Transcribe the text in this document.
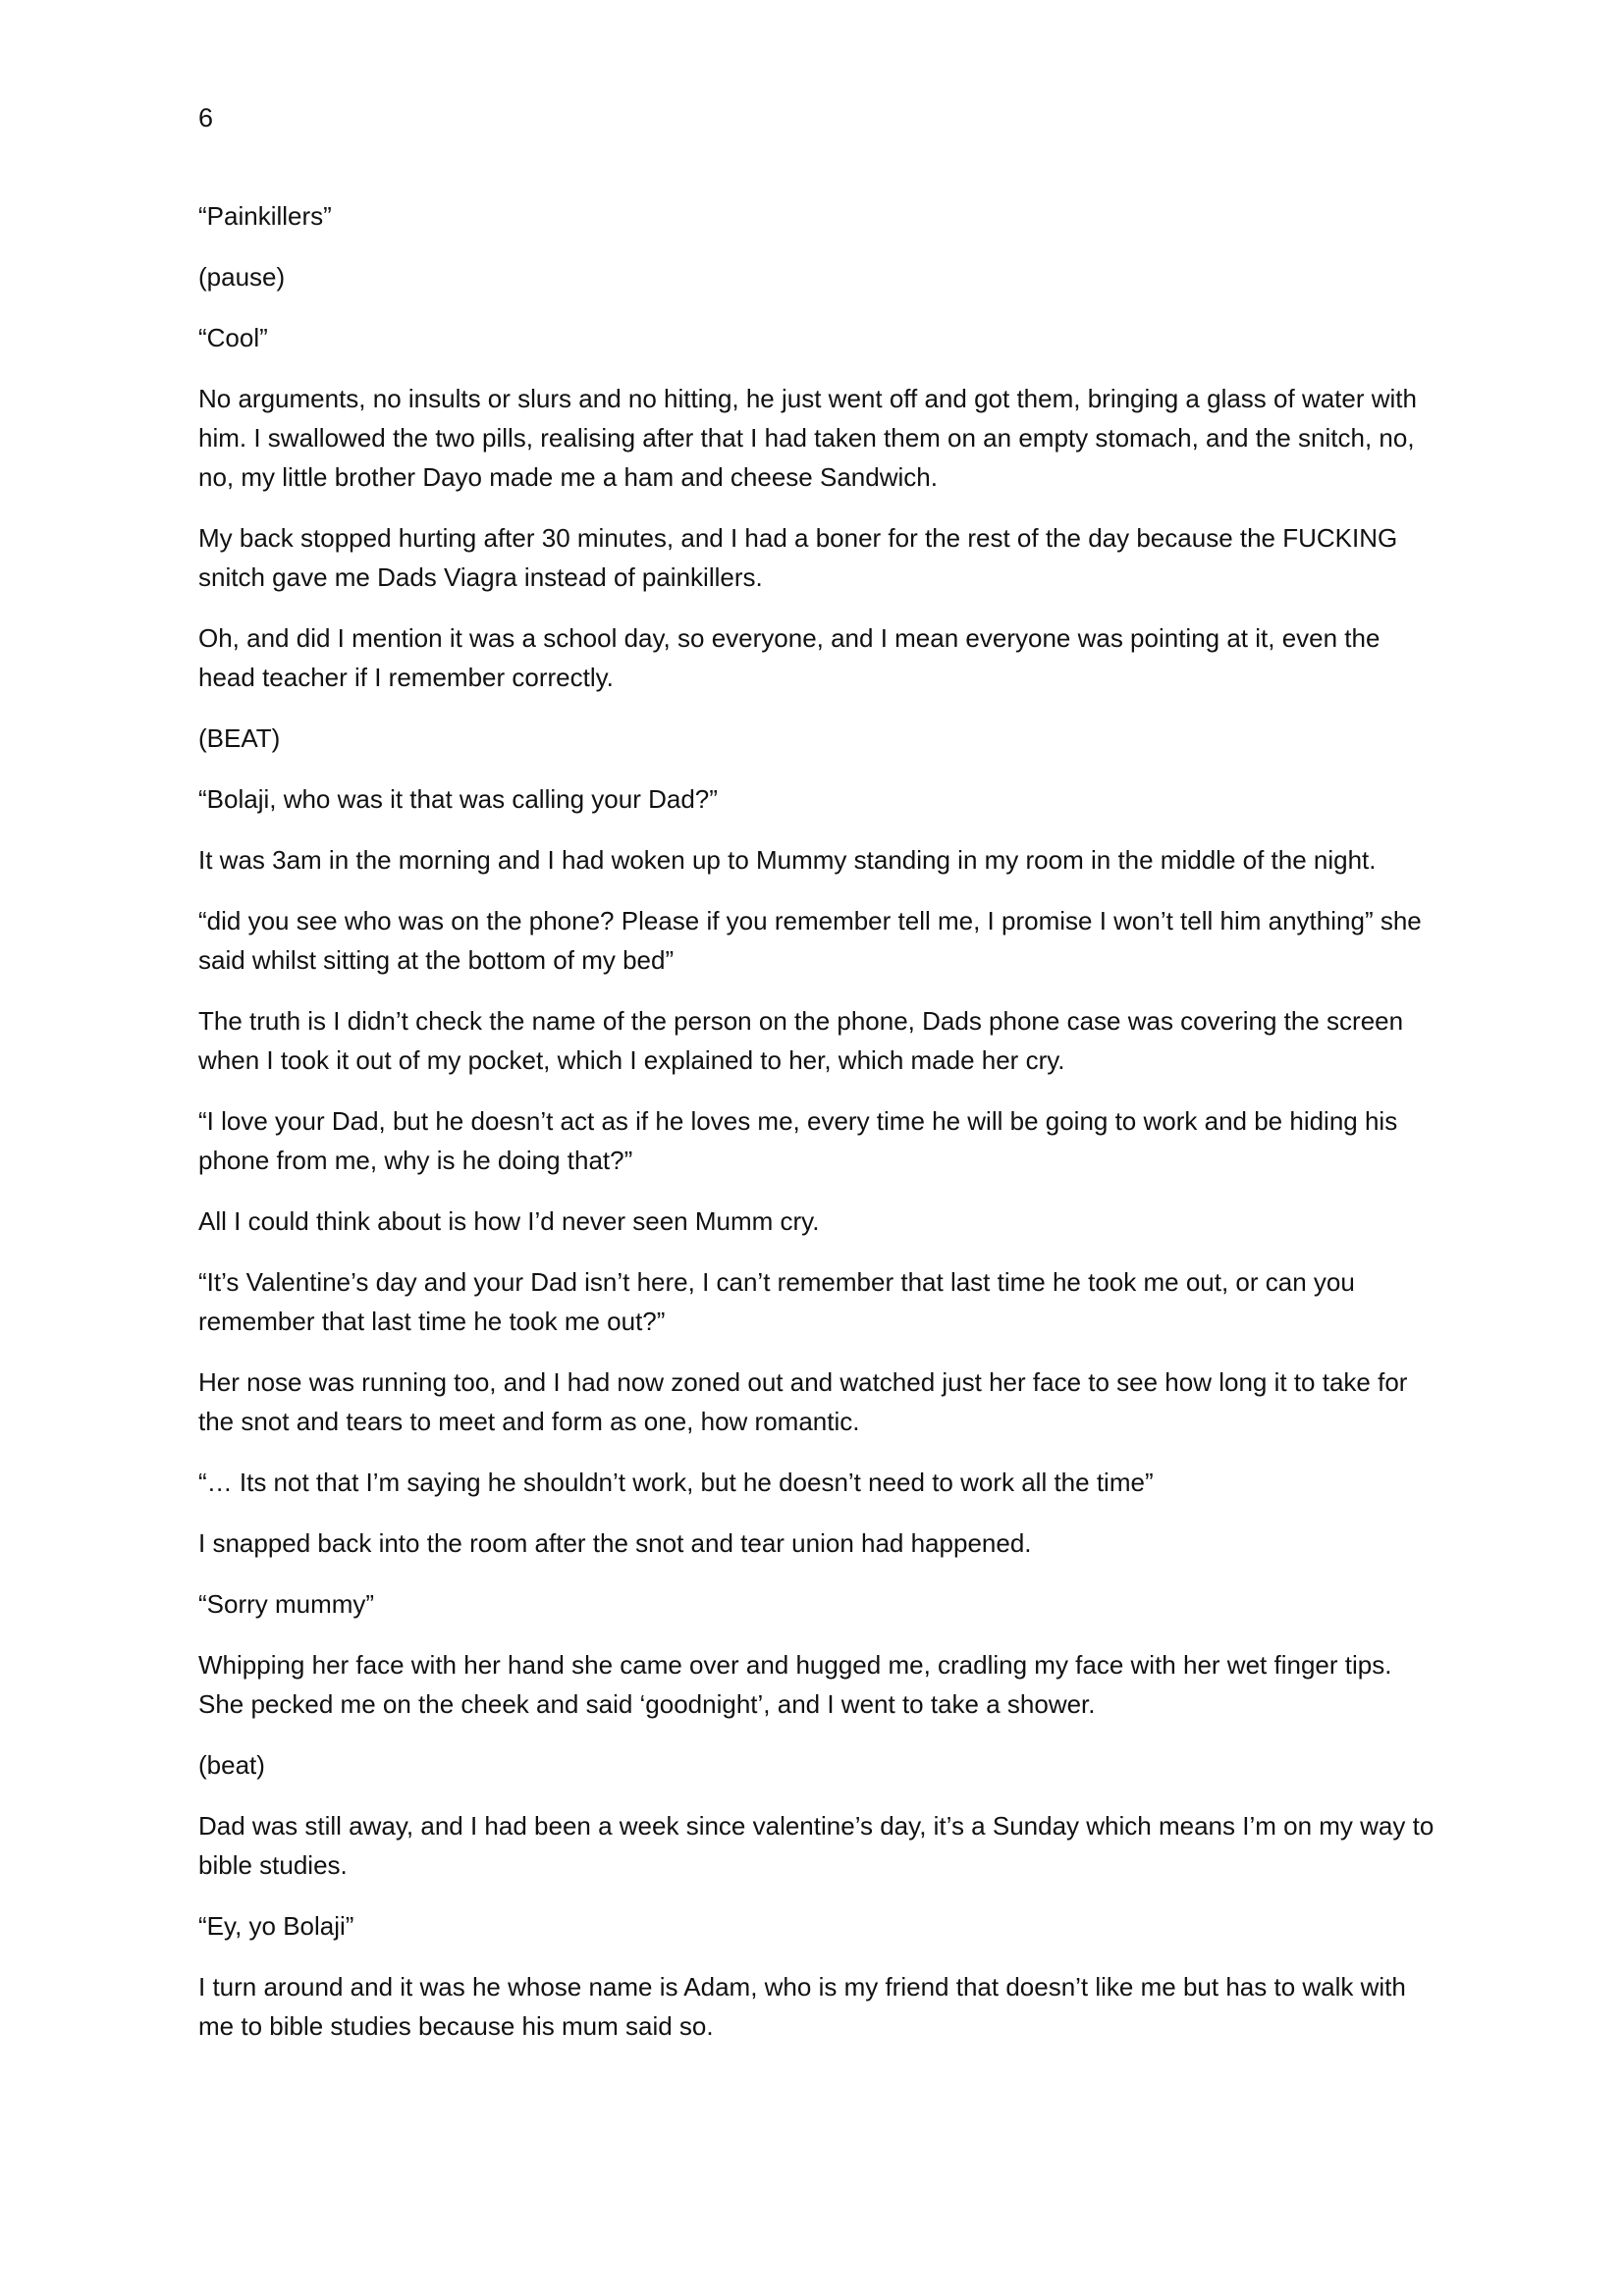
6

“Painkillers”

(pause)

“Cool”

No arguments, no insults or slurs and no hitting, he just went off and got them, bringing a glass of water with him. I swallowed the two pills, realising after that I had taken them on an empty stomach, and the snitch, no, no, my little brother Dayo made me a ham and cheese Sandwich.

My back stopped hurting after 30 minutes, and I had a boner for the rest of the day because the FUCKING snitch gave me Dads Viagra instead of painkillers.

Oh, and did I mention it was a school day, so everyone, and I mean everyone was pointing at it, even the head teacher if I remember correctly.

(BEAT)

“Bolaji, who was it that was calling your Dad?”

It was 3am in the morning and I had woken up to Mummy standing in my room in the middle of the night.

“did you see who was on the phone? Please if you remember tell me, I promise I won’t tell him anything” she said whilst sitting at the bottom of my bed”

The truth is I didn’t check the name of the person on the phone, Dads phone case was covering the screen when I took it out of my pocket, which I explained to her, which made her cry.

“I love your Dad, but he doesn’t act as if he loves me, every time he will be going to work and be hiding his phone from me, why is he doing that?”

All I could think about is how I’d never seen Mumm cry.

“It’s Valentine’s day and your Dad isn’t here, I can’t remember that last time he took me out, or can you remember that last time he took me out?”

Her nose was running too, and I had now zoned out and watched just her face to see how long it to take for the snot and tears to meet and form as one, how romantic.

“… Its not that I’m saying he shouldn’t work, but he doesn’t need to work all the time”

I snapped back into the room after the snot and tear union had happened.

“Sorry mummy”

Whipping her face with her hand she came over and hugged me, cradling my face with her wet finger tips. She pecked me on the cheek and said ‘goodnight’, and I went to take a shower.

(beat)

Dad was still away, and I had been a week since valentine’s day, it’s a Sunday which means I’m on my way to bible studies.

“Ey, yo Bolaji”

I turn around and it was he whose name is Adam, who is my friend that doesn’t like me but has to walk with me to bible studies because his mum said so.
